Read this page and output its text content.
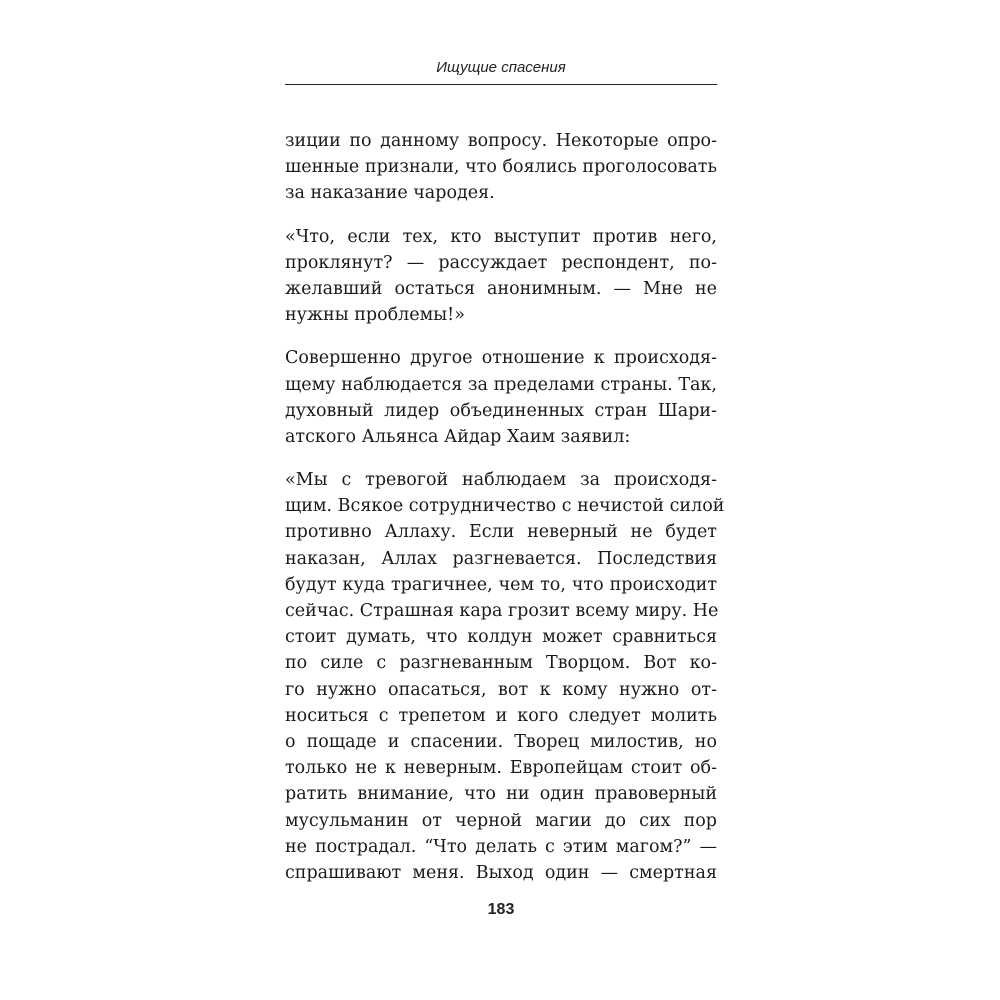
Ищущие спасения
зиции по данному вопросу. Некоторые опро-
шенные признали, что боялись проголосовать
за наказание чародея.
«Что, если тех, кто выступит против него,
проклянут? — рассуждает респондент, по-
желавший остаться анонимным. — Мне не
нужны проблемы!»
Совершенно другое отношение к происходя-
щему наблюдается за пределами страны. Так,
духовный лидер объединенных стран Шари-
атского Альянса Айдар Хаим заявил:
«Мы с тревогой наблюдаем за происходя-
щим. Всякое сотрудничество с нечистой силой
противно Аллаху. Если неверный не будет
наказан, Аллах разгневается. Последствия
будут куда трагичнее, чем то, что происходит
сейчас. Страшная кара грозит всему миру. Не
стоит думать, что колдун может сравниться
по силе с разгневанным Творцом. Вот ко-
го нужно опасаться, вот к кому нужно от-
носиться с трепетом и кого следует молить
о пощаде и спасении. Творец милостив, но
только не к неверным. Европейцам стоит об-
ратить внимание, что ни один правоверный
мусульманин от черной магии до сих пор
не пострадал. “Что делать с этим магом?” —
спрашивают меня. Выход один — смертная
183
